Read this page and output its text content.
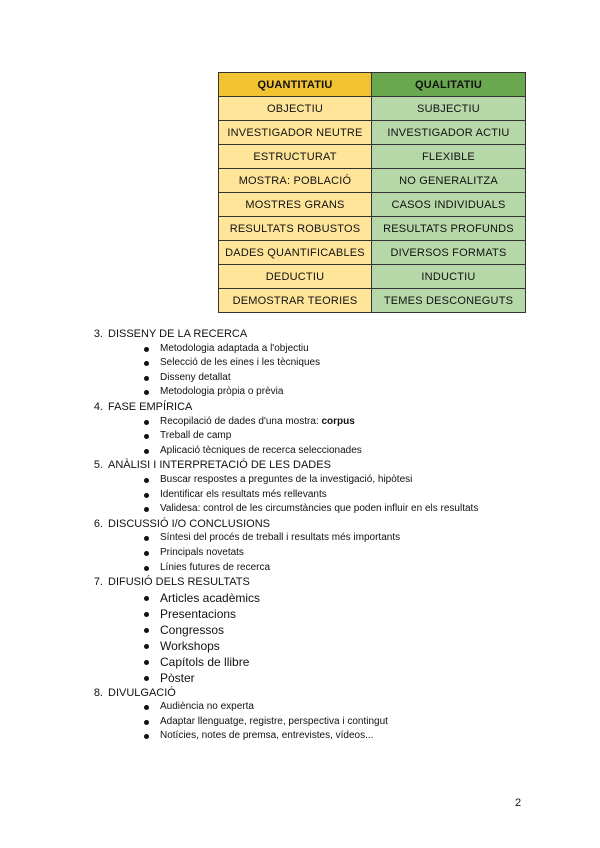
QUANTITATIU	QUALITATIU
OBJECTIU	SUBJECTIU
INVESTIGADOR NEUTRE	INVESTIGADOR ACTIU
ESTRUCTURAT	FLEXIBLE
MOSTRA: POBLACIÓ	NO GENERALITZA
MOSTRES GRANS	CASOS INDIVIDUALS
RESULTATS ROBUSTOS	RESULTATS PROFUNDS
DADES QUANTIFICABLES	DIVERSOS FORMATS
DEDUCTIU	INDUCTIU
DEMOSTRAR TEORIES	TEMES DESCONEGUTS
3. DISSENY DE LA RECERCA
Metodologia adaptada a l'objectiu
Selecció de les eines i les tècniques
Disseny detallat
Metodologia pròpia o prèvia
4. FASE EMPÍRICA
Recopilació de dades d'una mostra: corpus
Treball de camp
Aplicació tècniques de recerca seleccionades
5. ANÀLISI I INTERPRETACIÓ DE LES DADES
Buscar respostes a preguntes de la investigació, hipòtesi
Identificar els resultats més rellevants
Validesa: control de les circumstàncies que poden influir en els resultats
6. DISCUSSIÓ I/O CONCLUSIONS
Síntesi del procés de treball i resultats més importants
Principals novetats
Línies futures de recerca
7. DIFUSIÓ DELS RESULTATS
Articles acadèmics
Presentacions
Congressos
Workshops
Capítols de llibre
Pòster
8. DIVULGACIÓ
Audiència no experta
Adaptar llenguatge, registre, perspectiva i contingut
Notícies, notes de premsa, entrevistes, vídeos...
2
